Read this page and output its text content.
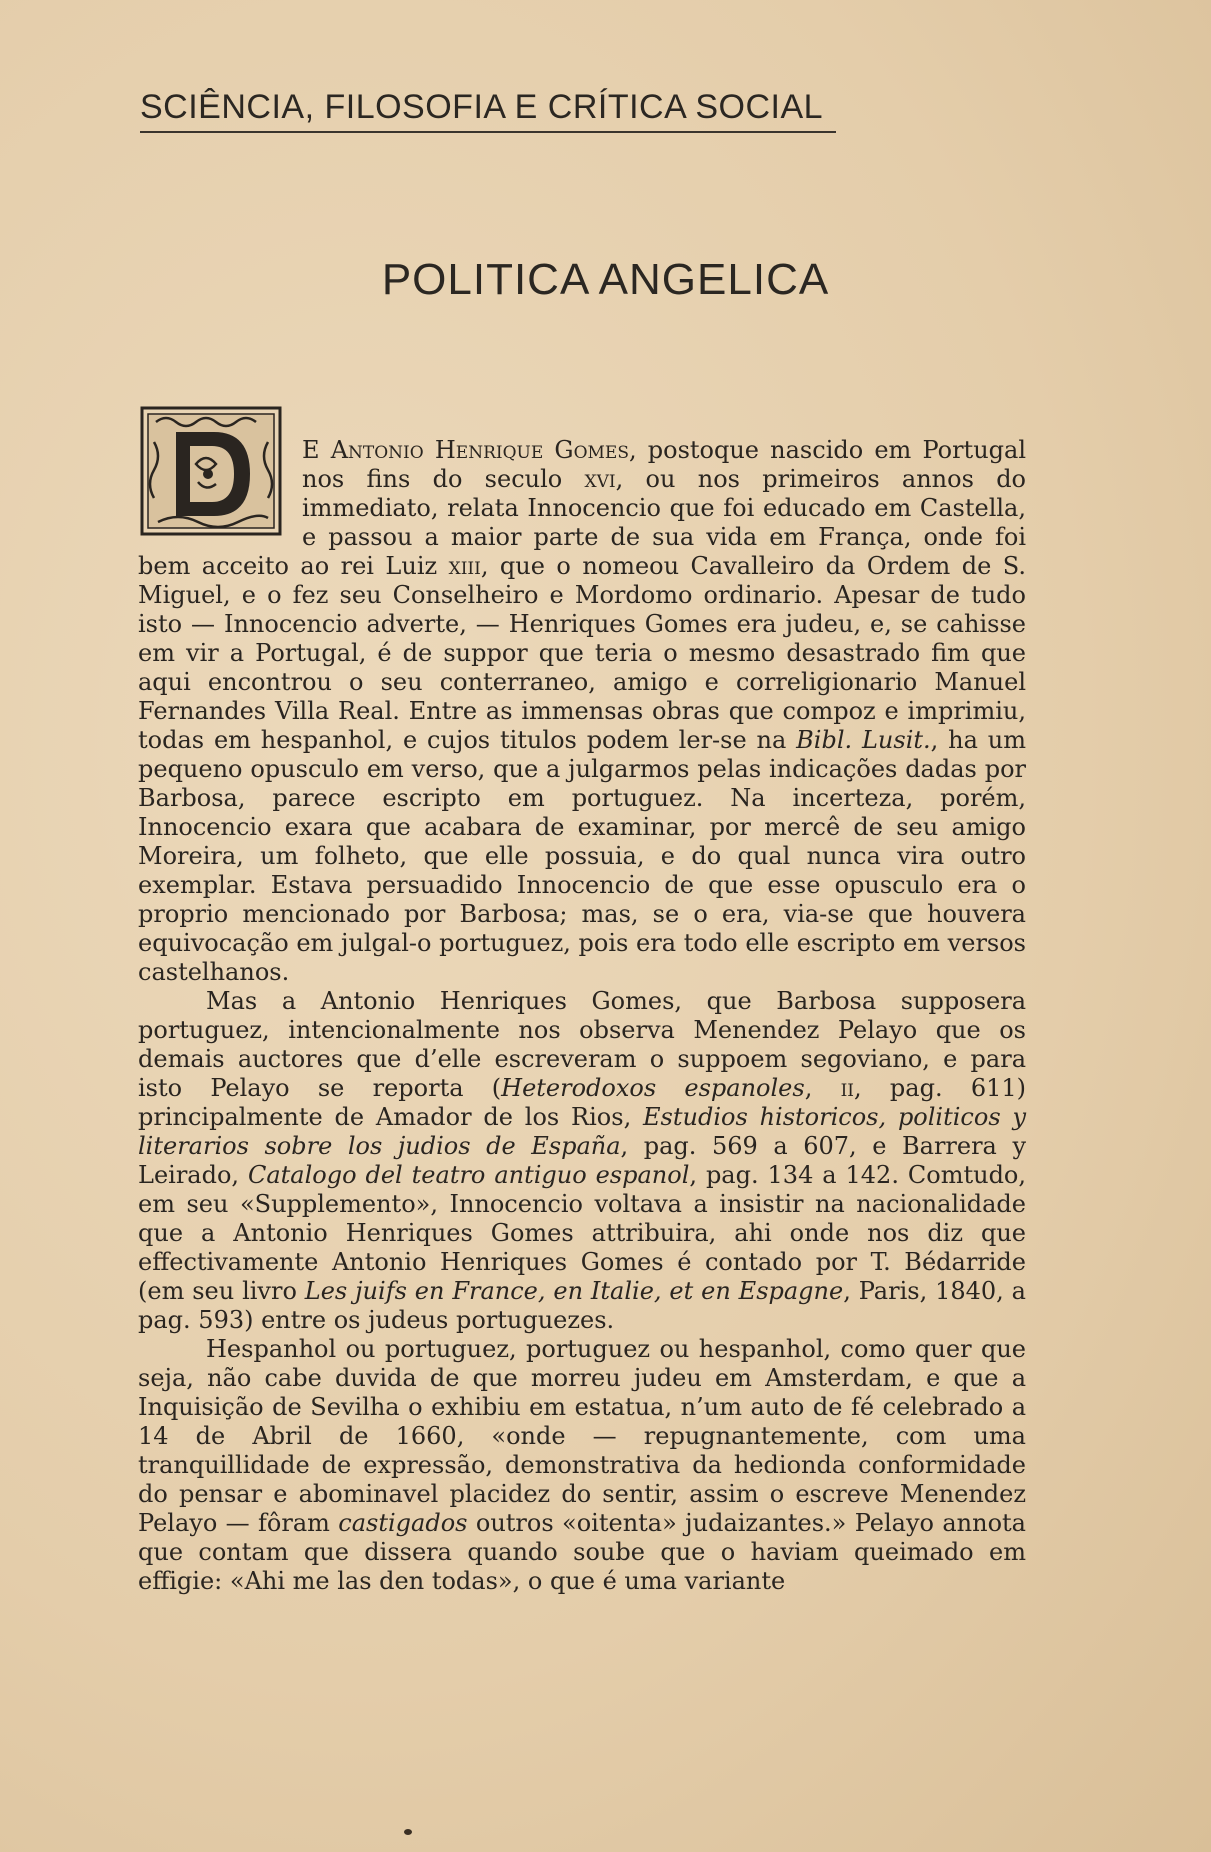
SCIÊNCIA, FILOSOFIA E CRÍTICA SOCIAL
POLITICA ANGELICA

E Antonio Henrique Gomes, postoque nascido em Portugal nos fins do seculo xvi, ou nos primeiros annos do immediato, relata Innocencio que foi educado em Castella, e passou a maior parte de sua vida em França, onde foi bem acceito ao rei Luiz xiii, que o nomeou Cavalleiro da Ordem de S. Miguel, e o fez seu Conselheiro e Mordomo ordinario. Apesar de tudo isto — Innocencio adverte, — Henriques Gomes era judeu, e, se cahisse em vir a Portugal, é de suppor que teria o mesmo desastrado fim que aqui encontrou o seu conterraneo, amigo e correligionario Manuel Fernandes Villa Real. Entre as immensas obras que compoz e imprimiu, todas em hespanhol, e cujos titulos podem ler-se na Bibl. Lusit., ha um pequeno opusculo em verso, que a julgarmos pelas indicações dadas por Barbosa, parece escripto em portuguez. Na incerteza, porém, Innocencio exara que acabara de examinar, por mercê de seu amigo Moreira, um folheto, que elle possuia, e do qual nunca vira outro exemplar. Estava persuadido Innocencio de que esse opusculo era o proprio mencionado por Barbosa; mas, se o era, via-se que houvera equivocação em julgal-o portuguez, pois era todo elle escripto em versos castelhanos.

Mas a Antonio Henriques Gomes, que Barbosa supposera portuguez, intencionalmente nos observa Menendez Pelayo que os demais auctores que d’elle escreveram o suppoem segoviano, e para isto Pelayo se reporta (Heterodoxos espanoles, ii, pag. 611) principalmente de Amador de los Rios, Estudios historicos, politicos y literarios sobre los judios de España, pag. 569 a 607, e Barrera y Leirado, Catalogo del teatro antiguo espanol, pag. 134 a 142. Comtudo, em seu «Supplemento», Innocencio voltava a insistir na nacionalidade que a Antonio Henriques Gomes attribuira, ahi onde nos diz que effectivamente Antonio Henriques Gomes é contado por T. Bédarride (em seu livro Les juifs en France, en Italie, et en Espagne, Paris, 1840, a pag. 593) entre os judeus portuguezes.

Hespanhol ou portuguez, portuguez ou hespanhol, como quer que seja, não cabe duvida de que morreu judeu em Amsterdam, e que a Inquisição de Sevilha o exhibiu em estatua, n’um auto de fé celebrado a 14 de Abril de 1660, «onde — repugnantemente, com uma tranquillidade de expressão, demonstrativa da hedionda conformidade do pensar e abominavel placidez do sentir, assim o escreve Menendez Pelayo — fôram castigados outros «oitenta» judaizantes.» Pelayo annota que contam que dissera quando soube que o haviam queimado em effigie: «Ahi me las den todas», o que é uma variante
